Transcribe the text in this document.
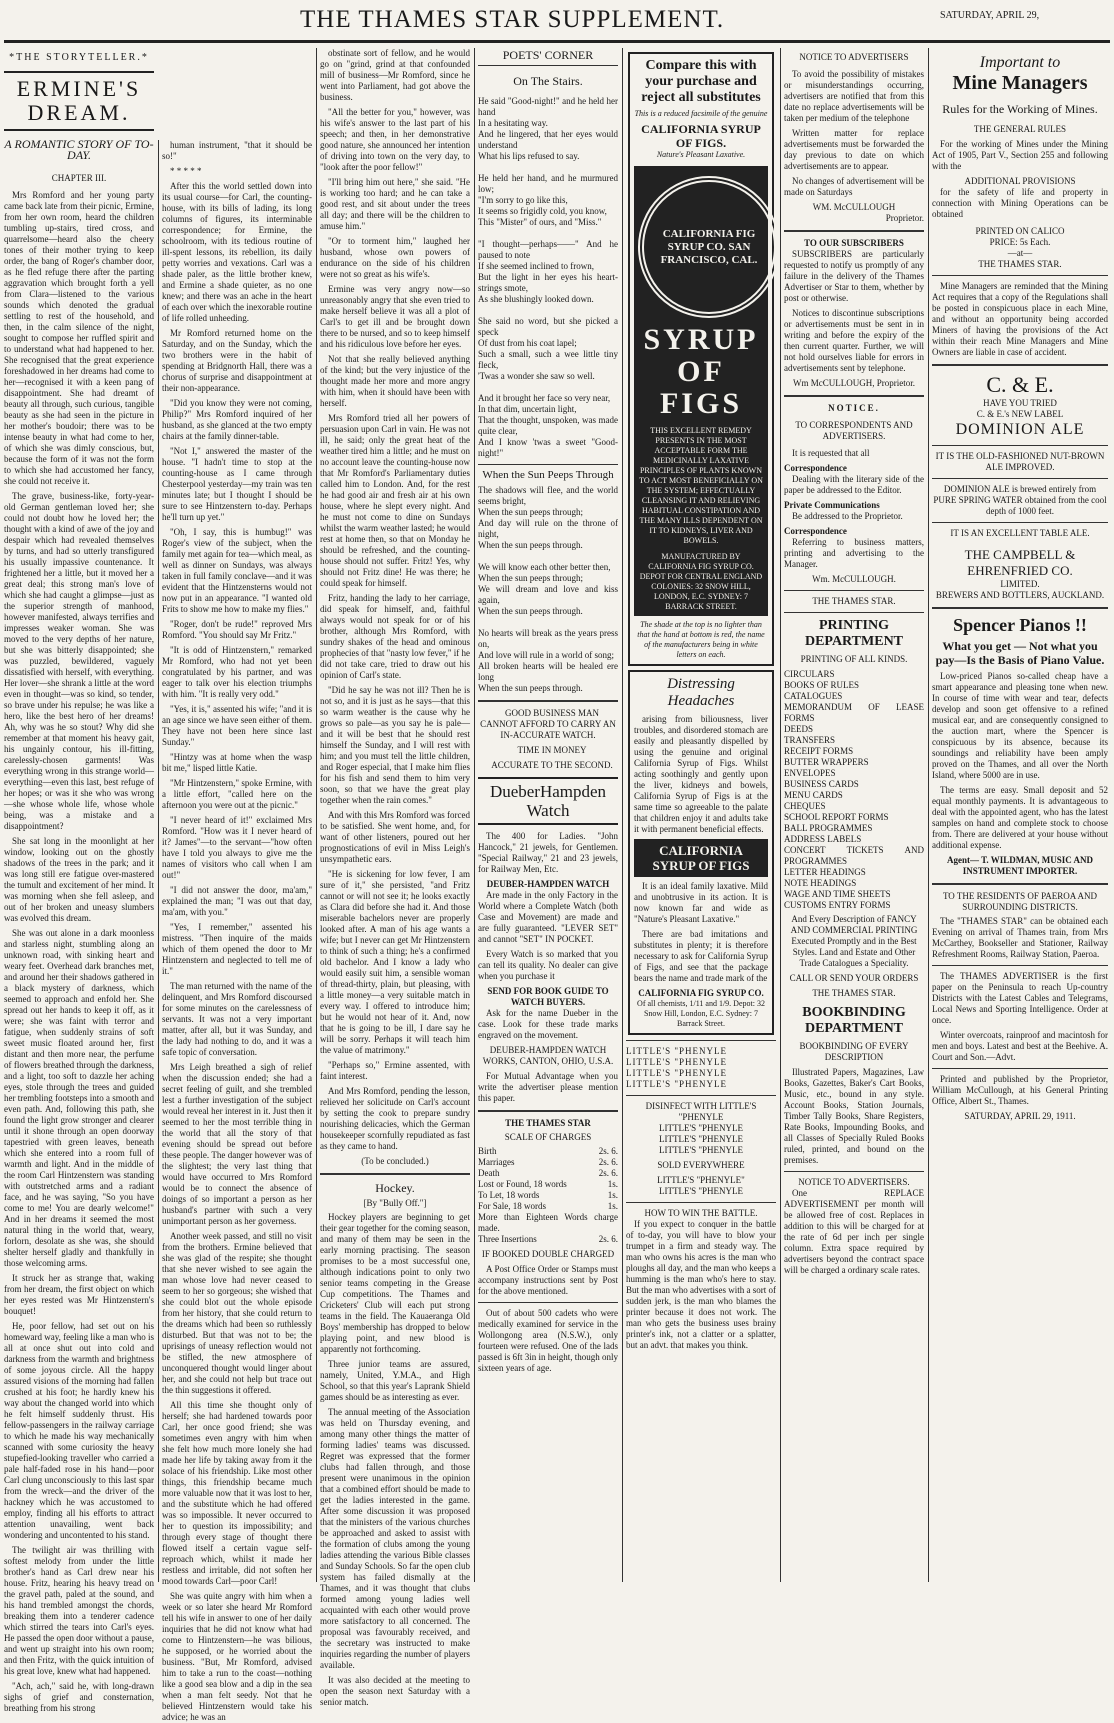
THE THAMES STAR SUPPLEMENT.	SATURDAY, APRIL 29,
*THE STORYTELLER.*
ERMINE'S DREAM.
A ROMANTIC STORY OF TO-DAY.
CHAPTER III.

Mrs Romford and her young party came back late from their picnic, Ermine, from her own room, heard the children tumbling up-stairs, tired cross, and quarrelsome—heard also the cheery tones of their mother trying to keep order, the bang of Roger's chamber door, as he fled refuge there after the parting aggravation which brought forth a yell from Clara—listened to the various sounds which denoted the gradual settling to rest of the household, and then, in the calm silence of the night, sought to compose her ruffled spirit and to understand what had happened to her. She recognised that the great experience foreshadowed in her dreams had come to her—recognised it with a keen pang of disappointment. She had dreamt of beauty all through, such curious, tangible beauty as she had seen in the picture in her mother's boudoir; there was to be intense beauty in what had come to her, of which she was dimly conscious, but, because the form of it was not the form to which she had accustomed her fancy, she could not receive it.

The grave, business-like, forty-year-old German gentleman loved her; she could not doubt how he loved her; the thought with a kind of awe of the joy and despair which had revealed themselves by turns, and had so utterly transfigured his usually impassive countenance. It frightened her a little, but it moved her a great deal; this strong man's love of which she had caught a glimpse—just as the superior strength of manhood, however manifested, always terrifies and impresses weaker woman. She was moved to the very depths of her nature, but she was bitterly disappointed; she was puzzled, bewildered, vaguely dissatisfied with herself, with everything. Her lover—she shrank a little at the word even in thought—was so kind, so tender, so brave under his repulse; he was like a hero, like the best hero of her dreams! Ah, why was he so stout? Why did she remember at that moment his heavy gait, his ungainly contour, his ill-fitting, carelessly-chosen garments! Was everything wrong in this strange world—everything—even this last, best refuge of her hopes; or was it she who was wrong—she whose whole life, whose whole being, was a mistake and a disappointment?

She sat long in the moonlight at her window, looking out on the ghostly shadows of the trees in the park; and it was long still ere fatigue over-mastered the tumult and excitement of her mind. It was morning when she fell asleep, and out of her broken and uneasy slumbers was evolved this dream.

She was out alone in a dark moonless and starless night, stumbling along an unknown road, with sinking heart and weary feet. Overhead dark branches met, and around her their shadows gathered in a black mystery of darkness, which seemed to approach and enfold her. She spread out her hands to keep it off, as it were; she was faint with terror and fatigue, when suddenly strains of soft sweet music floated around her, first distant and then more near, the perfume of flowers breathed through the darkness, and a light, too soft to dazzle her aching eyes, stole through the trees and guided her trembling footsteps into a smooth and even path. And, following this path, she found the light grow stronger and clearer until it shone through an open doorway tapestried with green leaves, beneath which she entered into a room full of warmth and light. And in the middle of the room Carl Hintzenstern was standing with outstretched arms and a radiant face, and he was saying, "So you have come to me! You are dearly welcome!" And in her dreams it seemed the most natural thing in the world that, weary, forlorn, desolate as she was, she should shelter herself gladly and thankfully in those welcoming arms.

It struck her as strange that, waking from her dream, the first object on which her eyes rested was Mr Hintzenstern's bouquet!

He, poor fellow, had set out on his homeward way, feeling like a man who is all at once shut out into cold and darkness from the warmth and brightness of some joyous circle. All the happy assured visions of the morning had fallen crushed at his foot; he hardly knew his way about the changed world into which he felt himself suddenly thrust. His fellow-passengers in the railway carriage to which he made his way mechanically scanned with some curiosity the heavy stupefied-looking traveller who carried a pale half-faded rose in his hand—poor Carl clung unconsciously to this last spar from the wreck—and the driver of the hackney which he was accustomed to employ, finding all his efforts to attract attention unavailing, went back wondering and uncontented to his stand.

The twilight air was thrilling with softest melody from under the little brother's hand as Carl drew near his house. Fritz, hearing his heavy tread on the gravel path, paled at the sound, and his hand trembled amongst the chords, breaking them into a tenderer cadence which stirred the tears into Carl's eyes. He passed the open door without a pause, and went up straight into his own room; and then Fritz, with the quick intuition of his great love, knew what had happened.

"Ach, ach," said he, with long-drawn sighs of grief and consternation, breathing from his strong

human instrument, "that it should be so!"

* * * * *

After this the world settled down into its usual course—for Carl, the counting-house, with its bills of lading, its long columns of figures, its interminable correspondence; for Ermine, the schoolroom, with its tedious routine of ill-spent lessons, its rebellion, its daily petty worries and vexations. Carl was a shade paler, as the little brother knew, and Ermine a shade quieter, as no one knew; and there was an ache in the heart of each over which the inexorable routine of life rolled unheeding.

Mr Romford returned home on the Saturday, and on the Sunday, which the two brothers were in the habit of spending at Bridgnorth Hall, there was a chorus of surprise and disappointment at their non-appearance.

"Did you know they were not coming, Philip?" Mrs Romford inquired of her husband, as she glanced at the two empty chairs at the family dinner-table.

"Not I," answered the master of the house. "I hadn't time to stop at the counting-house as I came through Chesterpool yesterday—my train was ten minutes late; but I thought I should be sure to see Hintzenstern to-day. Perhaps he'll turn up yet."

"Oh, I say, this is humbug!" was Roger's view of the subject, when the family met again for tea—which meal, as well as dinner on Sundays, was always taken in full family conclave—and it was evident that the Hintzensterns would not now put in an appearance. "I wanted old Frits to show me how to make my flies."

"Roger, don't be rude!" reproved Mrs Romford. "You should say Mr Fritz."

"It is odd of Hintzenstern," remarked Mr Romford, who had not yet been congratulated by his partner, and was eager to talk over his election triumphs with him. "It is really very odd."

"Yes, it is," assented his wife; "and it is an age since we have seen either of them. They have not been here since last Sunday."

"Hintzy was at home when the wasp bit me," lisped little Katie.

"Mr Hintzenstern," spoke Ermine, with a little effort, "called here on the afternoon you were out at the picnic."

"I never heard of it!" exclaimed Mrs Romford. "How was it I never heard of it? James"—to the servant—"how often have I told you always to give me the names of visitors who call when I am out!"

"I did not answer the door, ma'am," explained the man; "I was out that day, ma'am, with you."

"Yes, I remember," assented his mistress. "Then inquire of the maids which of them opened the door to Mr Hintzenstern and neglected to tell me of it."

The man returned with the name of the delinquent, and Mrs Romford discoursed for some minutes on the carelessness of servants. It was not a very important matter, after all, but it was Sunday, and the lady had nothing to do, and it was a safe topic of conversation.

Mrs Leigh breathed a sigh of relief when the discussion ended; she had a secret feeling of guilt, and she trembled lest a further investigation of the subject would reveal her interest in it. Just then it seemed to her the most terrible thing in the world that all the story of that evening should be spread out before these people. The danger however was of the slightest; the very last thing that would have occurred to Mrs Romford would be to connect the absence of doings of so important a person as her husband's partner with such a very unimportant person as her governess.

Another week passed, and still no visit from the brothers. Ermine believed that she was glad of the respite; she thought that she never wished to see again the man whose love had never ceased to seem to her so gorgeous; she wished that she could blot out the whole episode from her history, that she could return to the dreams which had been so ruthlessly disturbed. But that was not to be; the uprisings of uneasy reflection would not be stifled, the new atmosphere of unconquered thought would linger about her, and she could not help but trace out the thin suggestions it offered.

All this time she thought only of herself; she had hardened towards poor Carl, her once good friend; she was sometimes even angry with him when she felt how much more lonely she had made her life by taking away from it the solace of his friendship. Like most other things, this friendship became much more valuable now that it was lost to her, and the substitute which he had offered was so impossible. It never occurred to her to question its impossibility; and through every stage of thought there flowed itself a certain vague self-reproach which, whilst it made her restless and irritable, did not soften her mood towards Carl—poor Carl!

She was quite angry with him when a week or so later she heard Mr Romford tell his wife in answer to one of her daily inquiries that he did not know what had come to Hintzenstern—he was bilious, he supposed, or he worried about the business. "But, Mr Romford, advised him to take a run to the coast—nothing like a good sea blow and a dip in the sea when a man felt seedy. Not that he believed Hintzenstern would take his advice; he was an

obstinate sort of fellow, and he would go on "grind, grind at that confounded mill of business—Mr Romford, since he went into Parliament, had got above the business.

"All the better for you," however, was his wife's answer to the last part of his speech; and then, in her demonstrative good nature, she announced her intention of driving into town on the very day, to "look after the poor fellow!"

"I'll bring him out here," she said. "He is working too hard; and he can take a good rest, and sit about under the trees all day; and there will be the children to amuse him."

"Or to torment him," laughed her husband, whose own powers of endurance on the side of his children were not so great as his wife's.

Ermine was very angry now—so unreasonably angry that she even tried to make herself believe it was all a plot of Carl's to get ill and be brought down there to be nursed, and so to keep himself and his ridiculous love before her eyes.

Not that she really believed anything of the kind; but the very injustice of the thought made her more and more angry with him, when it should have been with herself.

Mrs Romford tried all her powers of persuasion upon Carl in vain. He was not ill, he said; only the great heat of the weather tired him a little; and he must on no account leave the counting-house now that Mr Romford's Parliamentary duties called him to London. And, for the rest he had good air and fresh air at his own house, where he slept every night. And he must not come to dine on Sundays whilst the warm weather lasted; he would rest at home then, so that on Monday he should be refreshed, and the counting-house should not suffer. Fritz! Yes, why should not Fritz dine! He was there; he could speak for himself.

Fritz, handing the lady to her carriage, did speak for himself, and, faithful always would not speak for or of his brother, although Mrs Romford, with sundry shakes of the head and ominous prophecies of that "nasty low fever," if he did not take care, tried to draw out his opinion of Carl's state.

"Did he say he was not ill? Then he is not so, and it is just as he says—that this so warm weather is the cause why he grows so pale—as you say he is pale—and it will be best that he should rest himself the Sunday, and I will rest with him; and you must tell the little children, and Roger especial, that I make him flies for his fish and send them to him very soon, so that we have the great play together when the rain comes."

And with this Mrs Romford was forced to be satisfied. She went home, and, for want of other listeners, poured out her prognostications of evil in Miss Leigh's unsympathetic ears.

"He is sickening for low fever, I am sure of it," she persisted, "and Fritz cannot or will not see it; he looks exactly as Clara did before she had it. And those miserable bachelors never are properly looked after. A man of his age wants a wife; but I never can get Mr Hintzenstern to think of such a thing; he's a confirmed old bachelor. And I know a lady who would easily suit him, a sensible woman of thread-thirty, plain, but pleasing, with a little money—a very suitable match in every way. I offered to introduce him; but he would not hear of it. And, now that he is going to be ill, I dare say he will be sorry. Perhaps it will teach him the value of matrimony."

"Perhaps so," Ermine assented, with faint interest.

And Mrs Romford, pending the lesson, relieved her solicitude on Carl's account by setting the cook to prepare sundry nourishing delicacies, which the German housekeeper scornfully repudiated as fast as they came to hand.

(To be concluded.)
Hockey.
[By "Bully Off."]

Hockey players are beginning to get their gear together for the coming season, and many of them may be seen in the early morning practising. The season promises to be a most successful one, although indications point to only two senior teams competing in the Grease Cup competitions. The Thames and Cricketers' Club will each put strong teams in the field. The Kauaeranga Old Boys' membership has dropped to below playing point, and new blood is apparently not forthcoming.

Three junior teams are assured, namely, United, Y.M.A., and High School, so that this year's Laprank Shield games should be as interesting as ever.

The annual meeting of the Association was held on Thursday evening, and among many other things the matter of forming ladies' teams was discussed. Regret was expressed that the former clubs had fallen through, and those present were unanimous in the opinion that a combined effort should be made to get the ladies interested in the game. After some discussion it was proposed that the ministers of the various churches be approached and asked to assist with the formation of clubs among the young ladies attending the various Bible classes and Sunday Schools. So far the open club system has failed dismally at the Thames, and it was thought that clubs formed among young ladies well acquainted with each other would prove more satisfactory to all concerned. The proposal was favourably received, and the secretary was instructed to make inquiries regarding the number of players available.

It was also decided at the meeting to open the season next Saturday with a senior match.

POETS' CORNER
On The Stairs.

He said "Good-night!" and he held her hand

In a hesitating way.

And he lingered, that her eyes would understand

What his lips refused to say.

He held her hand, and he murmured low;

"I'm sorry to go like this,

It seems so frigidly cold, you know,

This "Mister" of ours, and "Miss."

"I thought—perhaps——" And he paused to note

If she seemed inclined to frown,

But the light in her eyes his heart-strings smote,

As she blushingly looked down.

She said no word, but she picked a speck

Of dust from his coat lapel;

Such a small, such a wee little tiny fleck,

'Twas a wonder she saw so well.

And it brought her face so very near,

In that dim, uncertain light,

That the thought, unspoken, was made quite clear,

And I know 'twas a sweet "Good-night!"

When the Sun Peeps Through

The shadows will flee, and the world seems bright,

When the sun peeps through;

And day will rule on the throne of night,

When the sun peeps through.

We will know each other better then,

When the sun peeps through;

We will dream and love and kiss again,

When the sun peeps through.

No hearts will break as the years press on,

And love will rule in a world of song;

All broken hearts will be healed ere long

When the sun peeps through.

GOOD BUSINESS MAN CANNOT AFFORD TO CARRY AN IN-ACCURATE WATCH.

TIME IN MONEY

ACCURATE TO THE SECOND.

DueberHampden Watch

The 400 for Ladies. "John Hancock," 21 jewels, for Gentlemen. "Special Railway," 21 and 23 jewels, for Railway Men, Etc.

DEUBER-HAMPDEN WATCH

Are made in the only Factory in the World where a Complete Watch (both Case and Movement) are made and are fully guaranteed. "LEVER SET" and cannot "SET" IN POCKET.

Every Watch is so marked that you can tell its quality. No dealer can give when you purchase it

SEND FOR BOOK GUIDE TO WATCH BUYERS.

Ask for the name Dueber in the case. Look for these trade marks engraved on the movement.

DEUBER-HAMPDEN WATCH WORKS, CANTON, OHIO, U.S.A.

For Mutual Advantage when you write the advertiser please mention this paper.

THE THAMES STAR
SCALE OF CHARGES

Birth	2s. 6.

Marriages	2s. 6.

Death	2s. 6.

Lost or Found, 18 words	1s.

To Let, 18 words	1s.

For Sale, 18 words	1s.

More than Eighteen Words charge made.

Three Insertions	2s. 6.

IF BOOKED DOUBLE CHARGED

A Post Office Order or Stamps must accompany instructions sent by Post for the above mentioned.

Out of about 500 cadets who were medically examined for service in the Wollongong area (N.S.W.), only fourteen were refused. One of the lads passed is 6ft 3in in height, though only sixteen years of age.

Compare this with your purchase and reject all substitutes
This is a reduced facsimile of the genuine
CALIFORNIA SYRUP OF FIGS.
Nature's Pleasant Laxative.
CALIFORNIA FIG SYRUP CO. SAN FRANCISCO, CAL.
SYRUP OF FIGS
THIS EXCELLENT REMEDY PRESENTS IN THE MOST ACCEPTABLE FORM THE MEDICINALLY LAXATIVE PRINCIPLES OF PLANTS KNOWN TO ACT MOST BENEFICIALLY ON THE SYSTEM; EFFECTUALLY CLEANSING IT AND RELIEVING HABITUAL CONSTIPATION AND THE MANY ILLS DEPENDENT ON IT TO KIDNEYS, LIVER AND BOWELS.
MANUFACTURED BY CALIFORNIA FIG SYRUP CO. DEPOT FOR CENTRAL ENGLAND COLONIES: 32 SNOW HILL, LONDON, E.C. SYDNEY: 7 BARRACK STREET.
The shade at the top is no lighter than that the hand at bottom is red, the name of the manufacturers being in white letters on each.
Distressing Headaches

arising from biliousness, liver troubles, and disordered stomach are easily and pleasantly dispelled by using the genuine and original California Syrup of Figs. Whilst acting soothingly and gently upon the liver, kidneys and bowels, California Syrup of Figs is at the same time so agreeable to the palate that children enjoy it and adults take it with permanent beneficial effects.

CALIFORNIA SYRUP OF FIGS

It is an ideal family laxative. Mild and unobtrusive in its action. It is now known far and wide as "Nature's Pleasant Laxative."

There are bad imitations and substitutes in plenty; it is therefore necessary to ask for California Syrup of Figs, and see that the package bears the name and trade mark of the

CALIFORNIA FIG SYRUP CO.
Of all chemists, 1/11 and 1/9. Depot: 32 Snow Hill, London, E.C. Sydney: 7 Barrack Street.

LITTLE'S "PHENYLE

LITTLE'S "PHENYLE

LITTLE'S "PHENYLE

LITTLE'S "PHENYLE

DISINFECT WITH LITTLE'S "PHENYLE

LITTLE'S "PHENYLE

LITTLE'S "PHENYLE

LITTLE'S "PHENYLE

SOLD EVERYWHERE

LITTLE'S "PHENYLE"

LITTLE'S "PHENYLE

HOW TO WIN THE BATTLE.

If you expect to conquer in the battle of to-day, you will have to blow your trumpet in a firm and steady way. The man who owns his acres is the man who ploughs all day, and the man who keeps a humming is the man who's here to stay. But the man who advertises with a sort of sudden jerk, is the man who blames the printer because it does not work. The man who gets the business uses brainy printer's ink, not a clatter or a splatter, but an advt. that makes you think.

NOTICE TO ADVERTISERS

To avoid the possibility of mistakes or misunderstandings occurring, advertisers are notified that from this date no replace advertisements will be taken per medium of the telephone

Written matter for replace advertisements must be forwarded the day previous to date on which advertisements are to appear.

No changes of advertisement will be made on Saturdays

WM. McCULLOUGH
Proprietor.
TO OUR SUBSCRIBERS

SUBSCRIBERS are particularly requested to notify us promptly of any failure in the delivery of the Thames Advertiser or Star to them, whether by post or otherwise.

Notices to discontinue subscriptions or advertisements must be sent in in writing and before the expiry of the then current quarter. Further, we will not hold ourselves liable for errors in advertisements sent by telephone.

Wm McCULLOUGH, Proprietor.
NOTICE.
TO CORRESPONDENTS AND ADVERTISERS.

It is requested that all

Correspondence

Dealing with the literary side of the paper be addressed to the Editor.

Private Communications

Be addressed to the Proprietor.

Correspondence

Referring to business matters, printing and advertising to the Manager.

Wm. McCULLOUGH.
THE THAMES STAR.
PRINTING DEPARTMENT
PRINTING OF ALL KINDS.

CIRCULARS

BOOKS OF RULES

CATALOGUES

MEMORANDUM OF LEASE FORMS

DEEDS

TRANSFERS

RECEIPT FORMS

BUTTER WRAPPERS

ENVELOPES

BUSINESS CARDS

MENU CARDS

CHEQUES

SCHOOL REPORT FORMS

BALL PROGRAMMES

ADDRESS LABELS

CONCERT TICKETS AND PROGRAMMES

LETTER HEADINGS

NOTE HEADINGS

WAGE AND TIME SHEETS

CUSTOMS ENTRY FORMS

And Every Description of FANCY AND COMMERCIAL PRINTING
Executed Promptly and in the Best Styles. Land and Estate and Other Trade Catalogues a Speciality.
CALL OR SEND YOUR ORDERS
THE THAMES STAR.
BOOKBINDING DEPARTMENT
BOOKBINDING OF EVERY DESCRIPTION

Illustrated Papers, Magazines, Law Books, Gazettes, Baker's Cart Books, Music, etc., bound in any style. Account Books, Station Journals, Timber Tally Books, Share Registers, Rate Books, Impounding Books, and all Classes of Specially Ruled Books ruled, printed, and bound on the premises.

NOTICE TO ADVERTISERS.

One REPLACE ADVERTISEMENT per month will be allowed free of cost. Replaces in addition to this will be charged for at the rate of 6d per inch per single column. Extra space required by advertisers beyond the contract space will be charged a ordinary scale rates.

Important to
Mine Managers
Rules for the Working of Mines.
THE GENERAL RULES

For the working of Mines under the Mining Act of 1905, Part V., Section 255 and following with the

ADDITIONAL PROVISIONS

for the safety of life and property in connection with Mining Operations can be obtained

PRINTED ON CALICO
PRICE: 5s Each.
—at—
THE THAMES STAR.

Mine Managers are reminded that the Mining Act requires that a copy of the Regulations shall be posted in conspicuous place in each Mine, and without an opportunity being accorded Miners of having the provisions of the Act within their reach Mine Managers and Mine Owners are liable in case of accident.

C. & E.
HAVE YOU TRIED
C. & E.'s NEW LABEL
DOMINION ALE
IT IS THE OLD-FASHIONED NUT-BROWN ALE IMPROVED.
DOMINION ALE is brewed entirely from PURE SPRING WATER obtained from the cool depth of 1000 feet.
IT IS AN EXCELLENT TABLE ALE.
THE CAMPBELL & EHRENFRIED CO.
LIMITED.
BREWERS AND BOTTLERS, AUCKLAND.
Spencer Pianos !!
What you get — Not what you pay—Is the Basis of Piano Value.

Low-priced Pianos so-called cheap have a smart appearance and pleasing tone when new. In course of time with wear and tear, defects develop and soon get offensive to a refined musical ear, and are consequently consigned to the auction mart, where the Spencer is conspicuous by its absence, because its soundings and reliability have been amply proved on the Thames, and all over the North Island, where 5000 are in use.

The terms are easy. Small deposit and 52 equal monthly payments. It is advantageous to deal with the appointed agent, who has the latest samples on hand and complete stock to choose from. There are delivered at your house without additional expense.

Agent— T. WILDMAN, MUSIC AND INSTRUMENT IMPORTER.
TO THE RESIDENTS OF PAEROA AND SURROUNDING DISTRICTS.

The "THAMES STAR" can be obtained each Evening on arrival of Thames train, from Mrs McCarthey, Bookseller and Stationer, Railway Refreshment Rooms, Railway Station, Paeroa.

The THAMES ADVERTISER is the first paper on the Peninsula to reach Up-country Districts with the Latest Cables and Telegrams, Local News and Sporting Intelligence. Order at once.

Winter overcoats, rainproof and macintosh for men and boys. Latest and best at the Beehive. A. Court and Son.—Advt.

Printed and published by the Proprietor, William McCullough, at his General Printing Office, Albert St., Thames.

SATURDAY, APRIL 29, 1911.
